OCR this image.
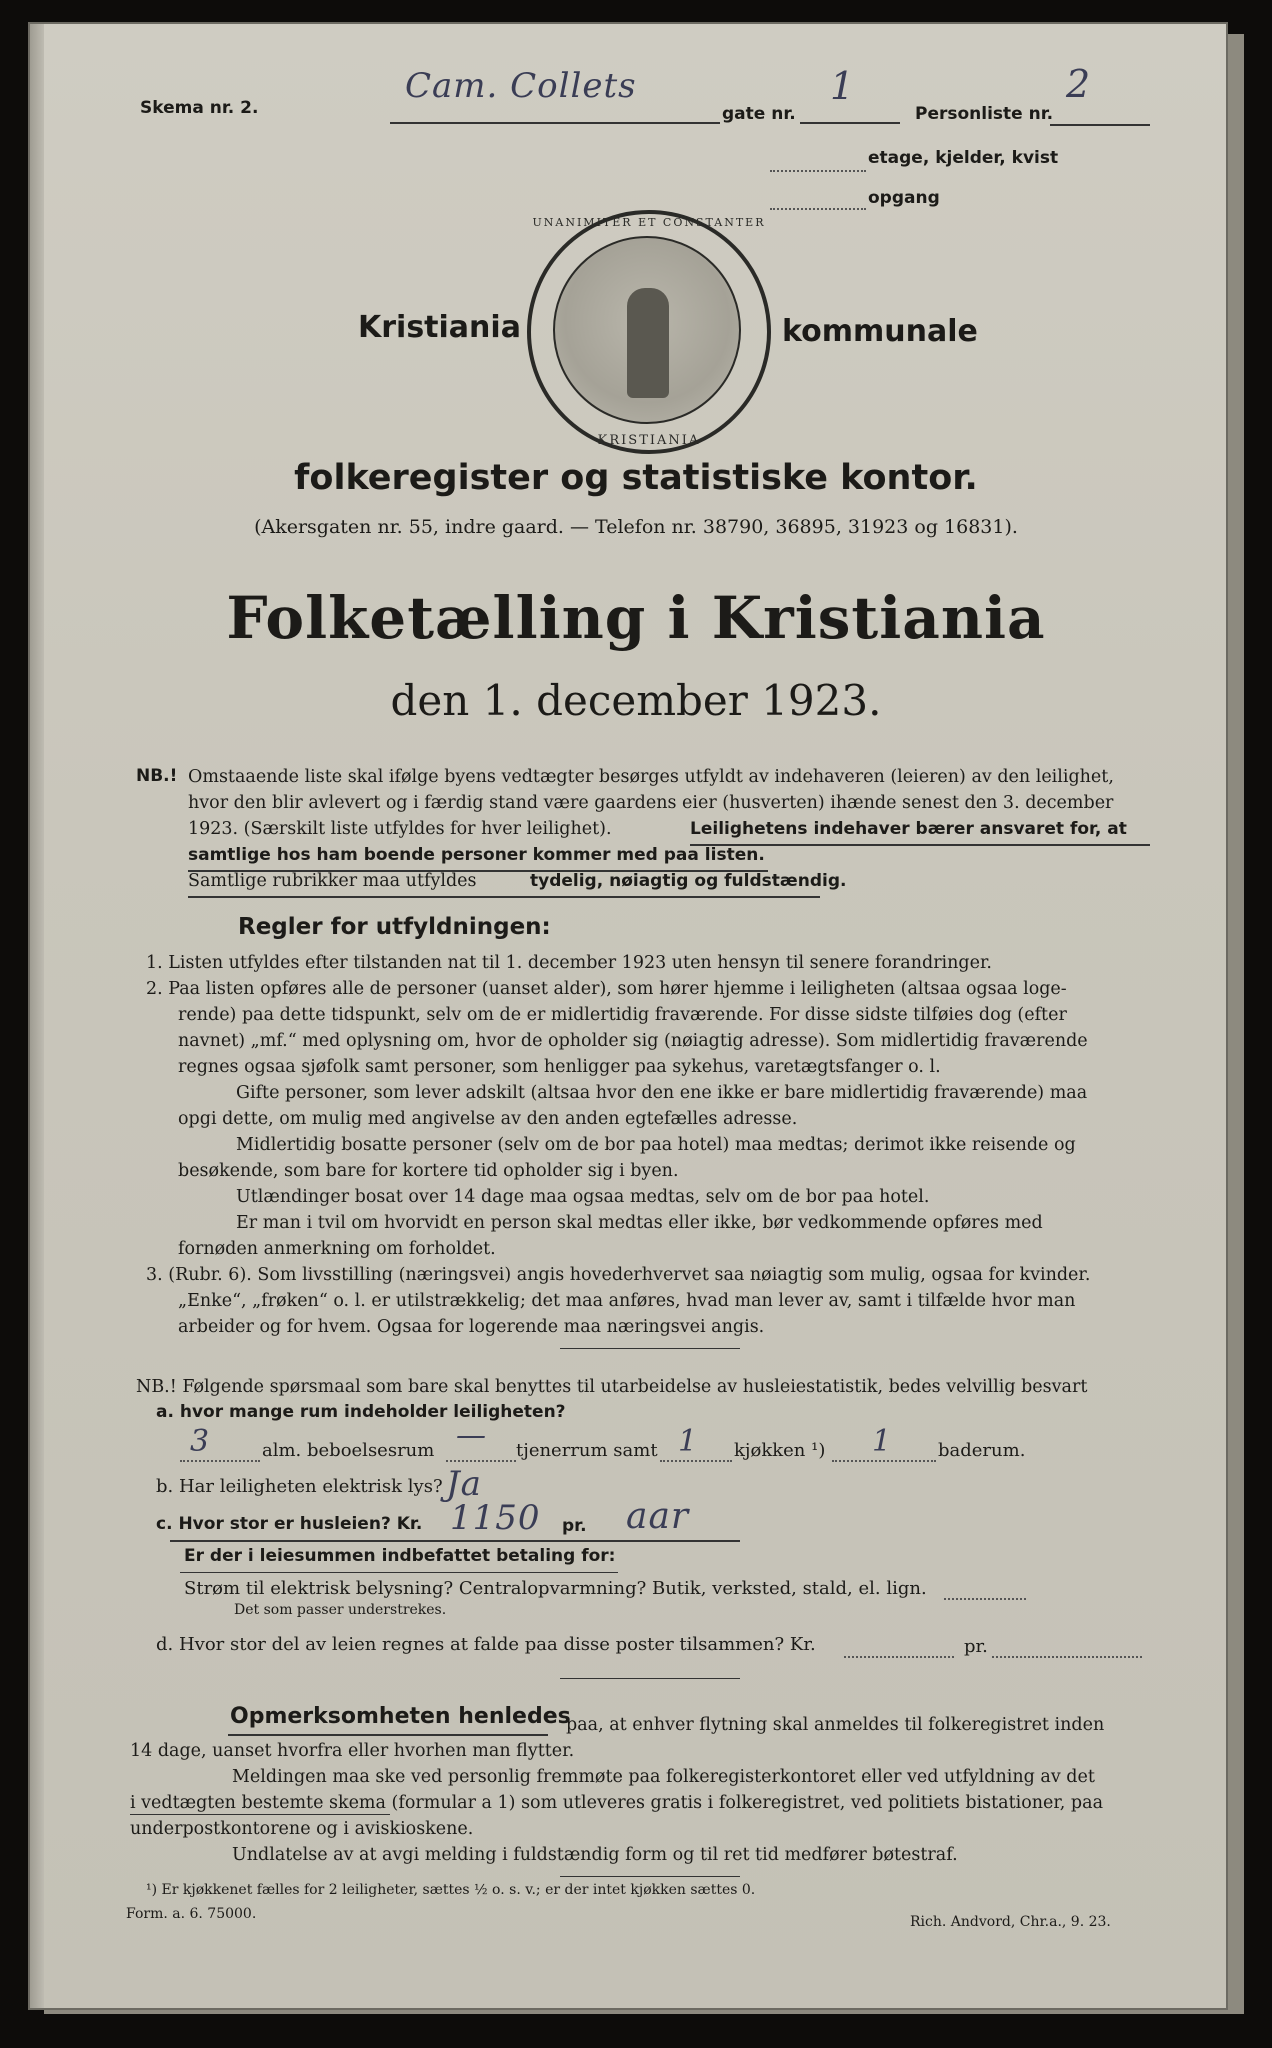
Skema nr. 2.
Cam. Collets
gate nr.
1
Personliste nr.
2
etage, kjelder, kvist
opgang
Kristiania
UNANIMITER ET CONSTANTER
KRISTIANIA
kommunale
folkeregister og statistiske kontor.
(Akersgaten nr. 55, indre gaard. — Telefon nr. 38790, 36895, 31923 og 16831).
Folketælling i Kristiania
den 1. december 1923.
NB.! Omstaaende liste skal ifølge byens vedtægter besørges utfyldt av indehaveren (leieren) av den leilighet,
hvor den blir avlevert og i færdig stand være gaardens eier (husverten) ihænde senest den 3. december
1923. (Særskilt liste utfyldes for hver leilighet).	Leilighetens indehaver bærer ansvaret for, at
samtlige hos ham boende personer kommer med paa listen.
Samtlige rubrikker maa utfyldes	tydelig, nøiagtig og fuldstændig.
Regler for utfyldningen:
1. Listen utfyldes efter tilstanden nat til 1. december 1923 uten hensyn til senere forandringer.
2. Paa listen opføres alle de personer (uanset alder), som hører hjemme i leiligheten (altsaa ogsaa loge-
rende) paa dette tidspunkt, selv om de er midlertidig fraværende. For disse sidste tilføies dog (efter
navnet) „mf.“ med oplysning om, hvor de opholder sig (nøiagtig adresse). Som midlertidig fraværende
regnes ogsaa sjøfolk samt personer, som henligger paa sykehus, varetægtsfanger o. l.
Gifte personer, som lever adskilt (altsaa hvor den ene ikke er bare midlertidig fraværende) maa
opgi dette, om mulig med angivelse av den anden egtefælles adresse.
Midlertidig bosatte personer (selv om de bor paa hotel) maa medtas; derimot ikke reisende og
besøkende, som bare for kortere tid opholder sig i byen.
Utlændinger bosat over 14 dage maa ogsaa medtas, selv om de bor paa hotel.
Er man i tvil om hvorvidt en person skal medtas eller ikke, bør vedkommende opføres med
fornøden anmerkning om forholdet.
3. (Rubr. 6). Som livsstilling (næringsvei) angis hovederhvervet saa nøiagtig som mulig, ogsaa for kvinder.
„Enke“, „frøken“ o. l. er utilstrækkelig; det maa anføres, hvad man lever av, samt i tilfælde hvor man
arbeider og for hvem. Ogsaa for logerende maa næringsvei angis.
NB.! Følgende spørsmaal som bare skal benyttes til utarbeidelse av husleiestatistik, bedes velvillig besvart
a. hvor mange rum indeholder leiligheten?
3	alm. beboelsesrum — tjenerrum samt 1 kjøkken ¹) 1	baderum.
b. Har leiligheten elektrisk lys? Ja
c. Hvor stor er husleien? Kr. 1150 pr. aar
Er der i leiesummen indbefattet betaling for:
Strøm til elektrisk belysning? Centralopvarmning? Butik, verksted, stald, el. lign.
Det som passer understrekes.
d. Hvor stor del av leien regnes at falde paa disse poster tilsammen? Kr.	pr.
Opmerksomheten henledes
paa, at enhver flytning skal anmeldes til folkeregistret inden
14 dage, uanset hvorfra eller hvorhen man flytter.
Meldingen maa ske ved personlig fremmøte paa folkeregisterkontoret eller ved utfyldning av det
i vedtægten bestemte skema (formular a 1) som utleveres gratis i folkeregistret, ved politiets bistationer, paa
underpostkontorene og i aviskioskene.
Undlatelse av at avgi melding i fuldstændig form og til ret tid medfører bøtestraf.
¹) Er kjøkkenet fælles for 2 leiligheter, sættes ½ o. s. v.; er der intet kjøkken sættes 0.
Form. a. 6. 75000.	Rich. Andvord, Chr.a., 9. 23.
